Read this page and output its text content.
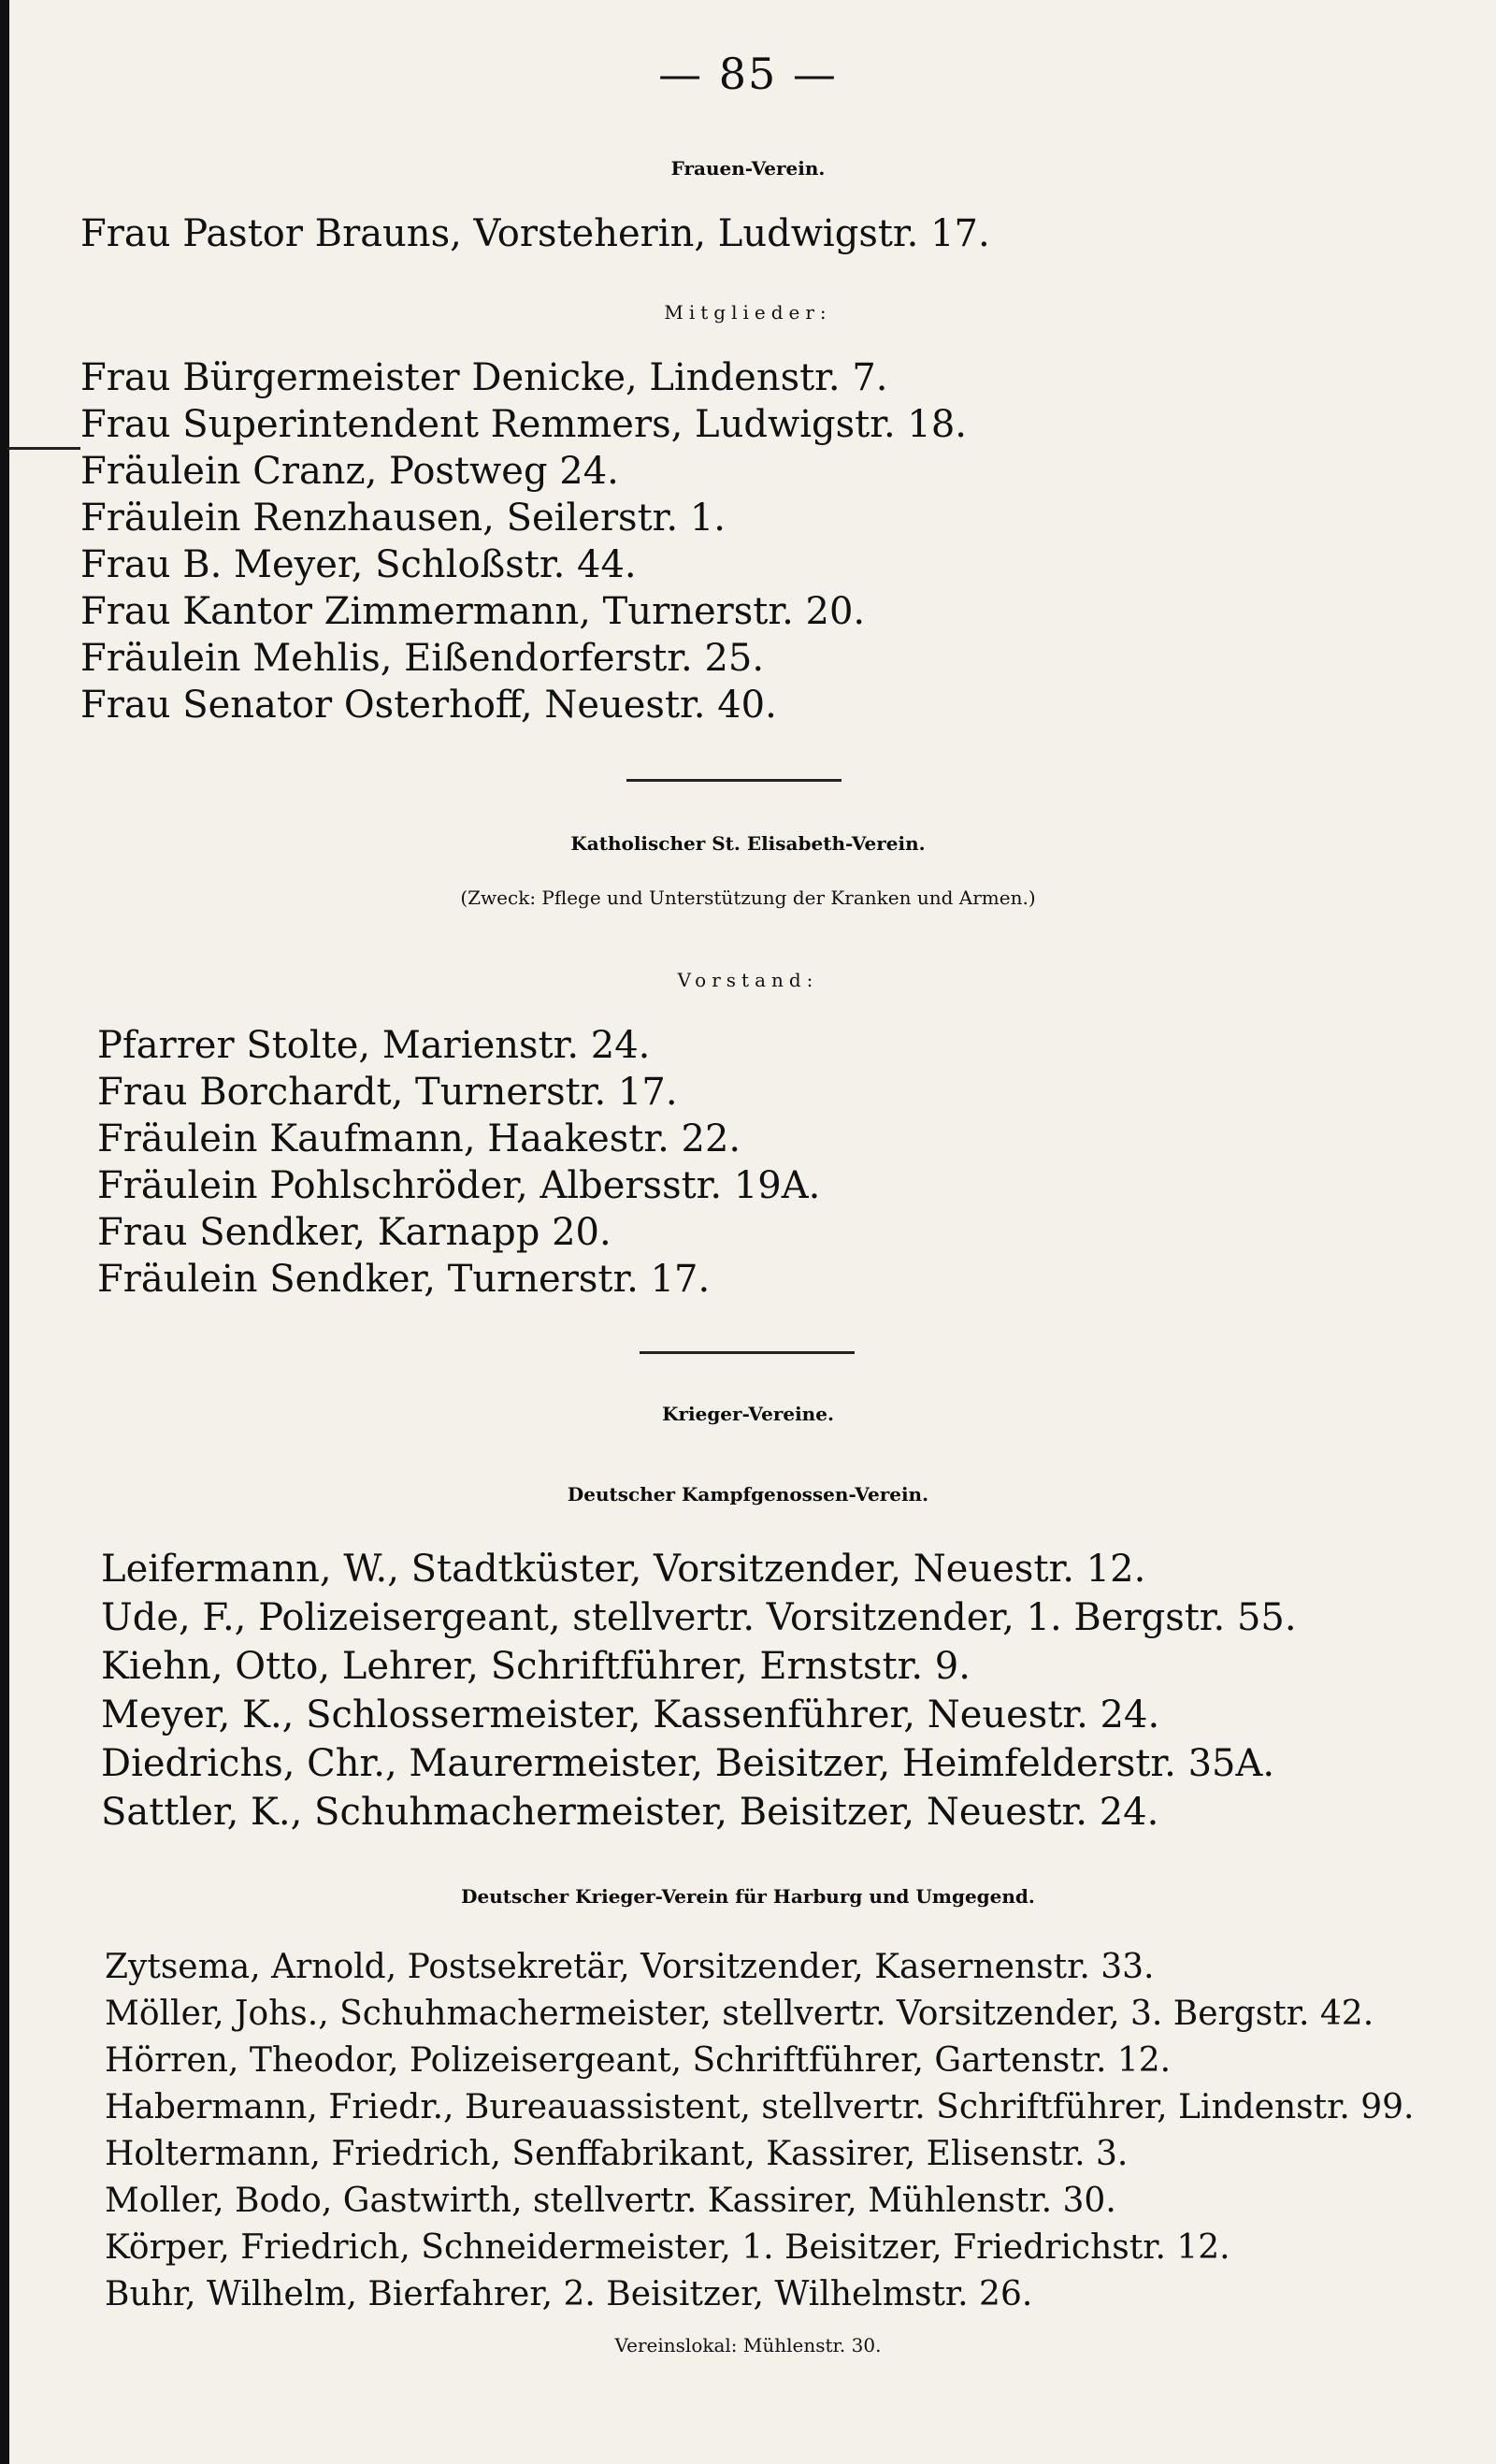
— 85 —
Frauen-Verein.
Frau Pastor Brauns, Vorsteherin, Ludwigstr. 17.
Mitglieder:
Frau Bürgermeister Denicke, Lindenstr. 7.
Frau Superintendent Remmers, Ludwigstr. 18.
Fräulein Cranz, Postweg 24.
Fräulein Renzhausen, Seilerstr. 1.
Frau B. Meyer, Schloßstr. 44.
Frau Kantor Zimmermann, Turnerstr. 20.
Fräulein Mehlis, Eißendorferstr. 25.
Frau Senator Osterhoff, Neuestr. 40.
Katholischer St. Elisabeth-Verein.
(Zweck: Pflege und Unterstützung der Kranken und Armen.)
Vorstand:
Pfarrer Stolte, Marienstr. 24.
Frau Borchardt, Turnerstr. 17.
Fräulein Kaufmann, Haakestr. 22.
Fräulein Pohlschröder, Albersstr. 19A.
Frau Sendker, Karnapp 20.
Fräulein Sendker, Turnerstr. 17.
Krieger-Vereine.
Deutscher Kampfgenossen-Verein.
Leifermann, W., Stadtküster, Vorsitzender, Neuestr. 12.
Ude, F., Polizeisergeant, stellvertr. Vorsitzender, 1. Bergstr. 55.
Kiehn, Otto, Lehrer, Schriftführer, Ernststr. 9.
Meyer, K., Schlossermeister, Kassenführer, Neuestr. 24.
Diedrichs, Chr., Maurermeister, Beisitzer, Heimfelderstr. 35A.
Sattler, K., Schuhmachermeister, Beisitzer, Neuestr. 24.
Deutscher Krieger-Verein für Harburg und Umgegend.
Zytsema, Arnold, Postsekretär, Vorsitzender, Kasernenstr. 33.
Möller, Johs., Schuhmachermeister, stellvertr. Vorsitzender, 3. Bergstr. 42.
Hörren, Theodor, Polizeisergeant, Schriftführer, Gartenstr. 12.
Habermann, Friedr., Bureauassistent, stellvertr. Schriftführer, Lindenstr. 99.
Holtermann, Friedrich, Senffabrikant, Kassirer, Elisenstr. 3.
Moller, Bodo, Gastwirth, stellvertr. Kassirer, Mühlenstr. 30.
Körper, Friedrich, Schneidermeister, 1. Beisitzer, Friedrichstr. 12.
Buhr, Wilhelm, Bierfahrer, 2. Beisitzer, Wilhelmstr. 26.
Vereinslokal: Mühlenstr. 30.
